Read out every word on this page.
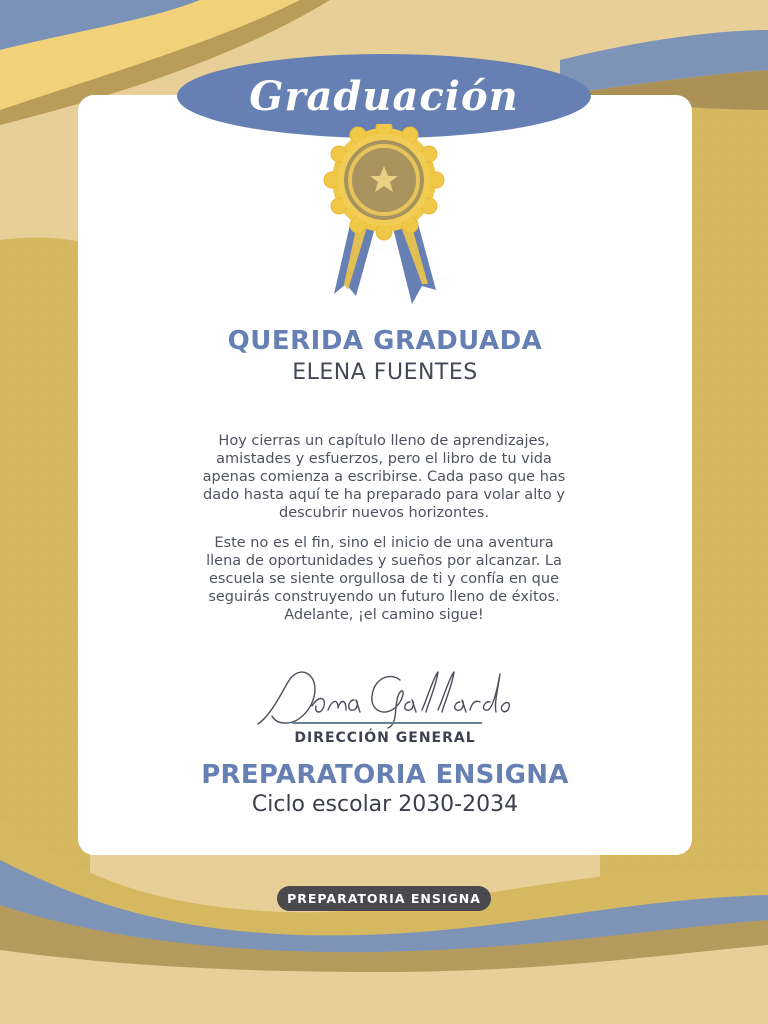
Graduación
QUERIDA GRADUADA
ELENA FUENTES
Hoy cierras un capítulo lleno de aprendizajes,
amistades y esfuerzos, pero el libro de tu vida
apenas comienza a escribirse. Cada paso que has
dado hasta aquí te ha preparado para volar alto y
descubrir nuevos horizontes.
Este no es el fin, sino el inicio de una aventura
llena de oportunidades y sueños por alcanzar. La
escuela se siente orgullosa de ti y confía en que
seguirás construyendo un futuro lleno de éxitos.
Adelante, ¡el camino sigue!
DIRECCIÓN GENERAL
PREPARATORIA ENSIGNA
Ciclo escolar 2030-2034
PREPARATORIA ENSIGNA
